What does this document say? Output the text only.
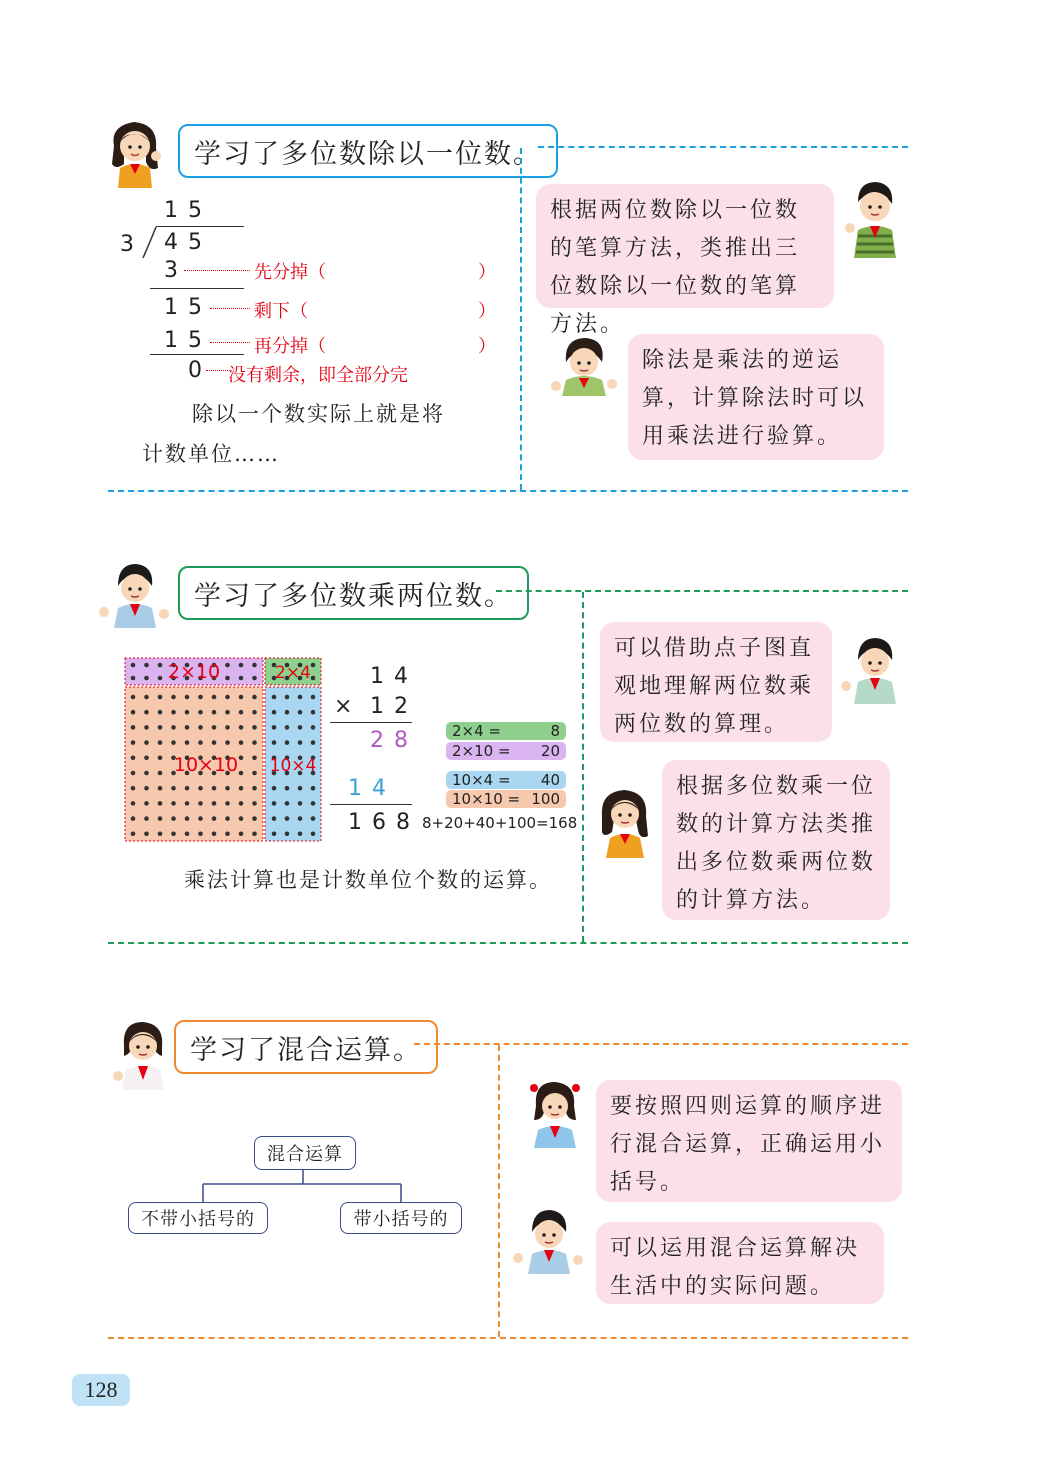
学习了多位数除以一位数。
15
3 45
3	先分掉（	）
15 剩下（	）
15 再分掉（	）
0 没有剩余，即全部分完
除以一个数实际上就是将
计数单位……
根据两位数除以一位数的笔算方法，类推出三位数除以一位数的笔算方法。
除法是乘法的逆运算，计算除法时可以用乘法进行验算。
学习了多位数乘两位数。
2×10	2×4
10×10 10×4
14
× 12
28
14
168
2×4 =	8
2×10 = 20
10×4 = 40
10×10 = 100
8+20+40+100=168
乘法计算也是计数单位个数的运算。
可以借助点子图直观地理解两位数乘两位数的算理。
根据多位数乘一位数的计算方法类推出多位数乘两位数的计算方法。
学习了混合运算。
混合运算
不带小括号的	带小括号的
要按照四则运算的顺序进行混合运算，正确运用小括号。
可以运用混合运算解决生活中的实际问题。
128
